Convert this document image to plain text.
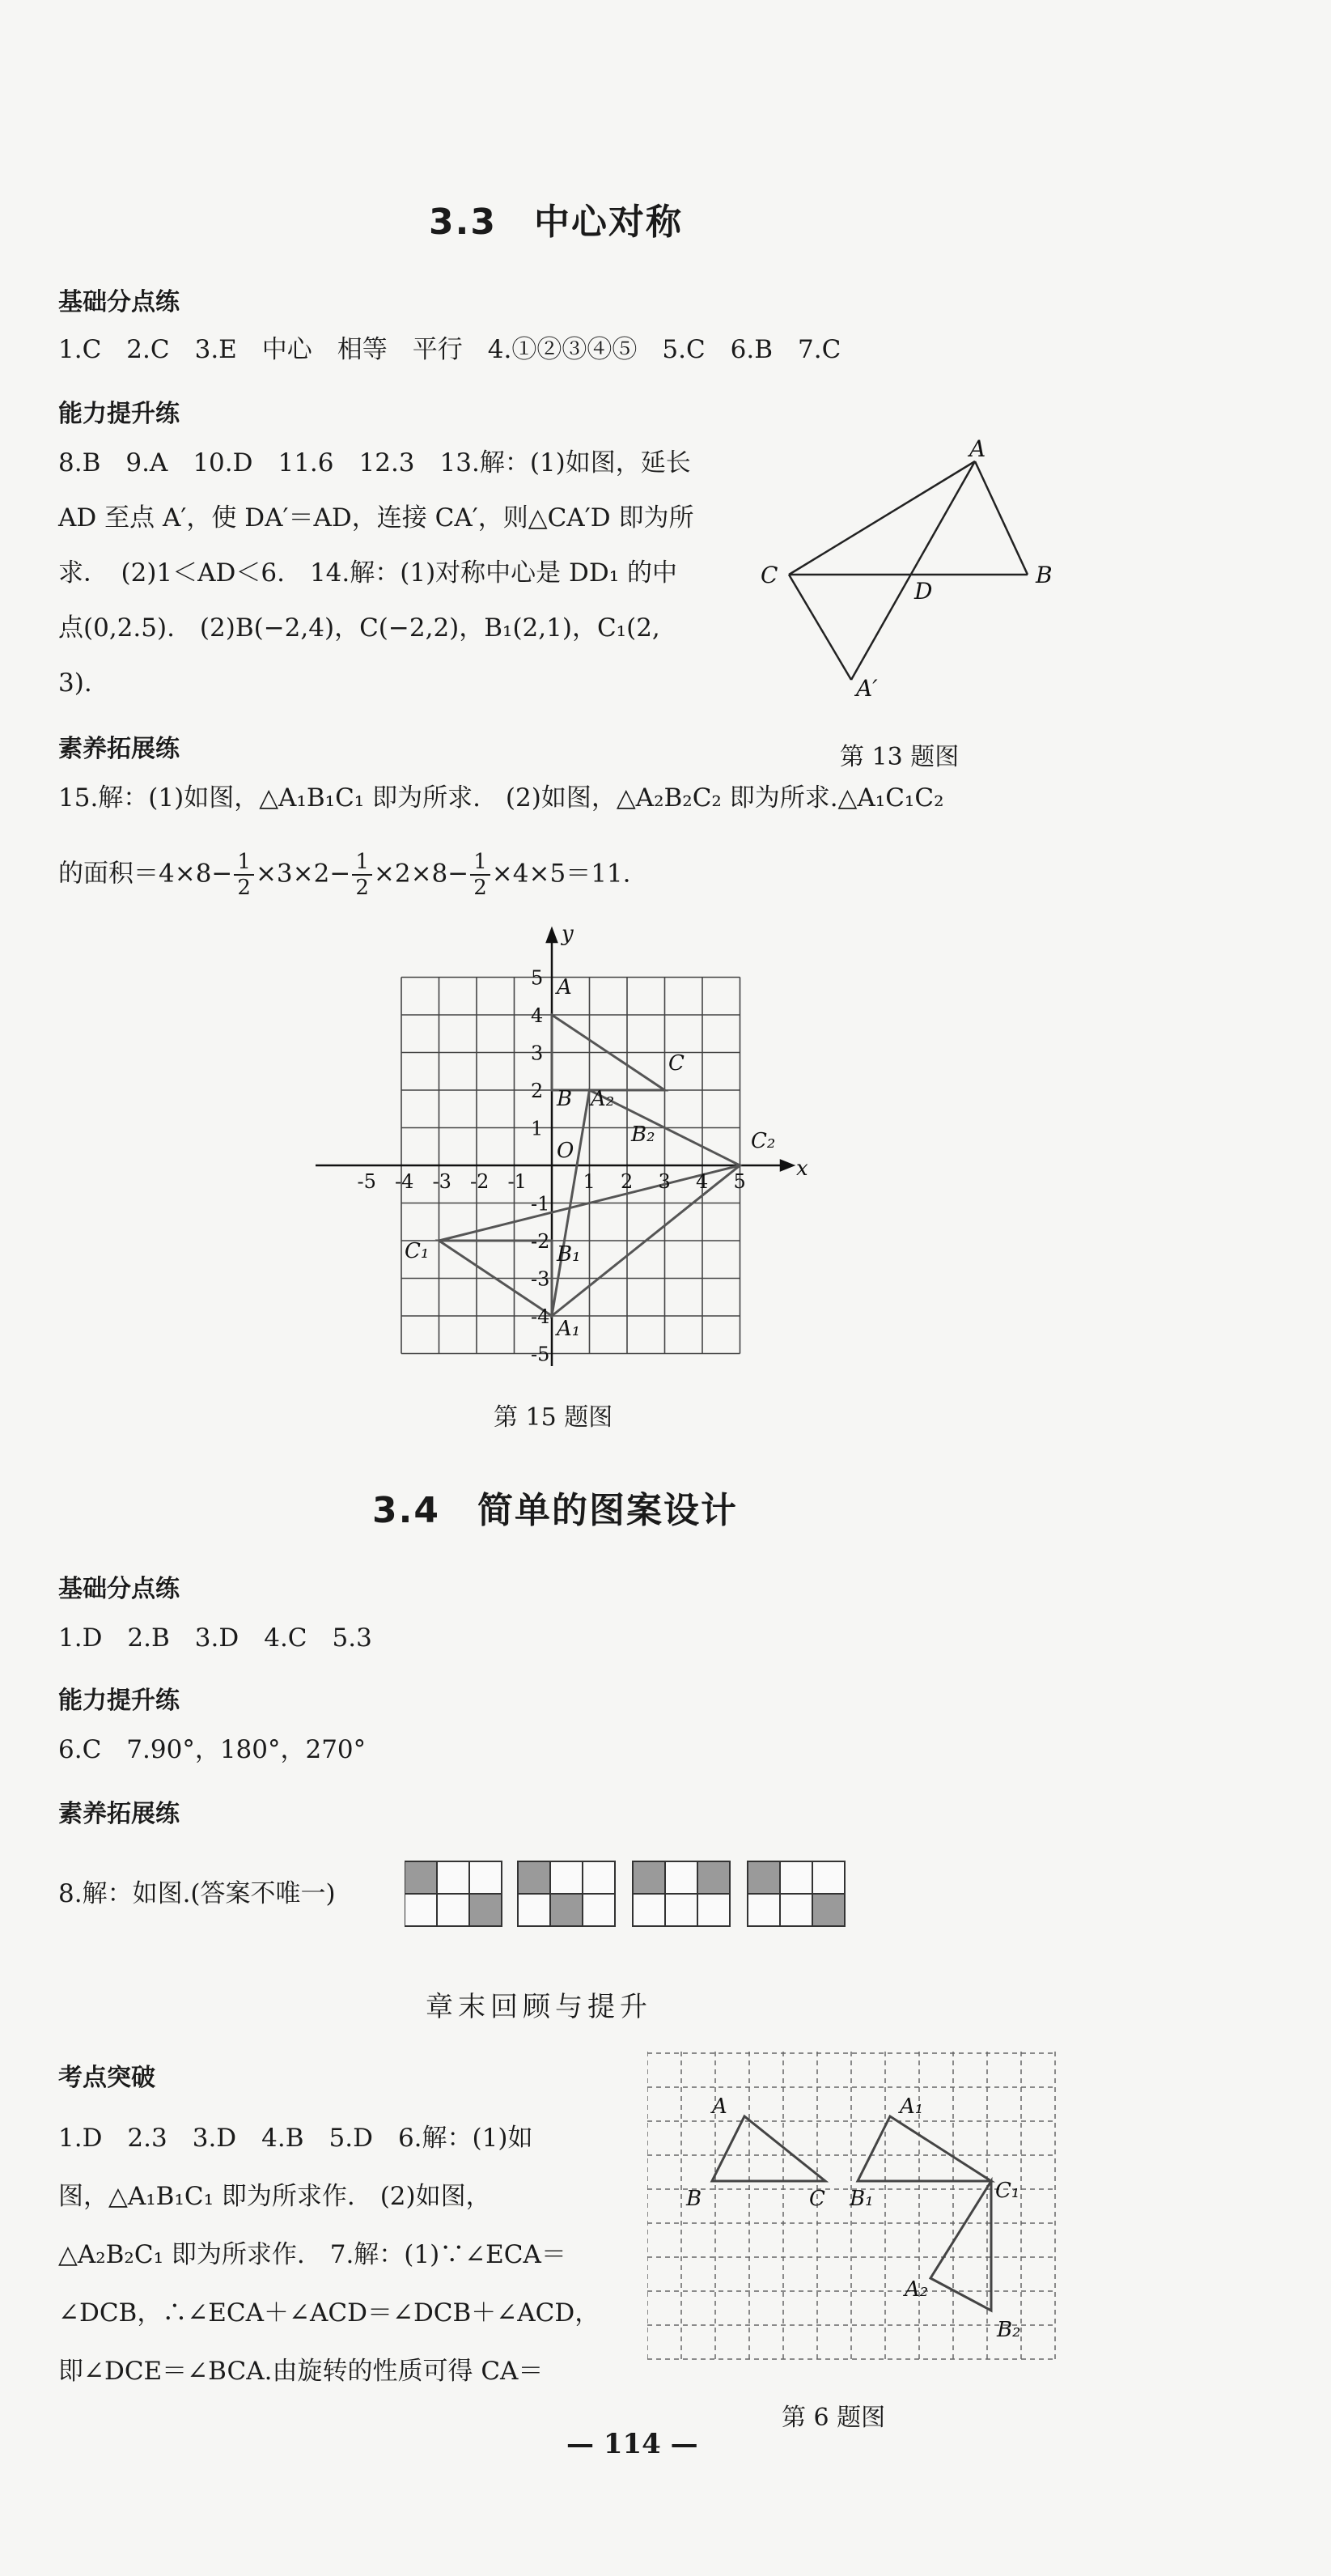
3.3　中心对称
基础分点练
1.C　2.C　3.E　中心　相等　平行　4.①②③④⑤　5.C　6.B　7.C
能力提升练
8.B　9.A　10.D　11.6　12.3　13.解：(1)如图，延长
AD 至点 A′，使 DA′＝AD，连接 CA′，则△CA′D 即为所
求．　(2)1＜AD＜6.　14.解：(1)对称中心是 DD₁ 的中
点(0,2.5).　(2)B(−2,4)，C(−2,2)，B₁(2,1)，C₁(2,
3).
A
B
C
D
A′
第 13 题图
素养拓展练
15.解：(1)如图，△A₁B₁C₁ 即为所求.　(2)如图，△A₂B₂C₂ 即为所求.△A₁C₁C₂
的面积$=4\times 8- \frac{1}{2} \times 3\times 2- \frac{1}{2} \times 2\times 8- \frac{1}{2} \times 4\times 5=11$.
-5 -4 -3 -2 -1	1 2 3 4 5
5
4
3
2
1
-1
-2
-3
-4
-5
x
y
O
A
C
B A₂
B₂	C₂
C₁	B₁
A₁
第 15 题图
3.4　简单的图案设计
基础分点练
1.D　2.B　3.D　4.C　5.3
能力提升练
6.C　7.90°，180°，270°
素养拓展练
8.解：如图.(答案不唯一)
章末回顾与提升
考点突破
1.D　2.3　3.D　4.B　5.D　6.解：(1)如
图，△A₁B₁C₁ 即为所求作.　(2)如图，
△A₂B₂C₁ 即为所求作.　7.解：(1)∵∠ECA＝
∠DCB，∴∠ECA＋∠ACD＝∠DCB＋∠ACD，
即∠DCE＝∠BCA.由旋转的性质可得 CA＝
A
B	C
A₁
B₁	C₁
A₂
B₂
第 6 题图
— 114 —
